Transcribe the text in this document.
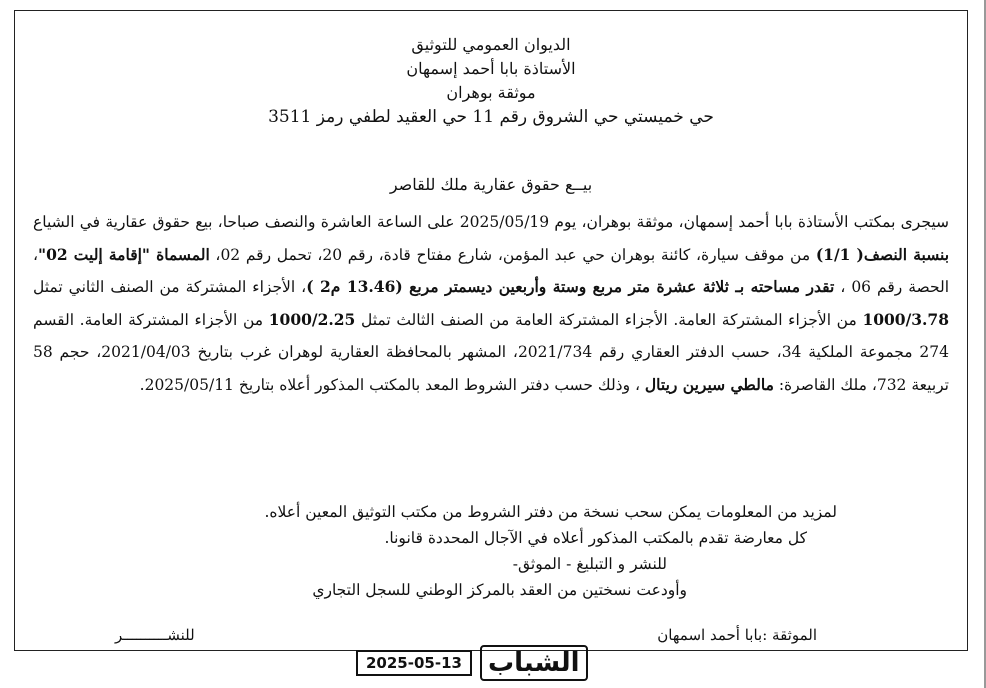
الديوان العمومي للتوثيق
الأستاذة بابا أحمد إسمهان
موثقة بوهران
حي خميستي حي الشروق رقم 11 حي العقيد لطفي رمز 3511
بيــع حقوق عقارية ملك للقاصر
سيجرى بمكتب الأستاذة بابا أحمد إسمهان، موثقة بوهران، يوم 2025/05/19 على الساعة العاشرة والنصف صباحا، بيع حقوق عقارية في الشياع بنسبة النصف( 1/1) من موقف سيارة، كائنة بوهران حي عبد المؤمن، شارع مفتاح قادة، رقم 20، تحمل رقم 02، المسماة "إقامة إليت 02"، الحصة رقم 06 ، تقدر مساحته بـ ثلاثة عشرة متر مربع وستة وأربعين ديسمتر مربع (13.46 م2 )، الأجزاء المشتركة من الصنف الثاني تمثل 1000/3.78 من الأجزاء المشتركة العامة. الأجزاء المشتركة العامة من الصنف الثالث تمثل 1000/2.25 من الأجزاء المشتركة العامة. القسم 274 مجموعة الملكية 34، حسب الدفتر العقاري رقم 2021/734، المشهر بالمحافظة العقارية لوهران غرب بتاريخ 2021/04/03، حجم 58 تربيعة 732، ملك القاصرة: مالطي سيرين ريتال ، وذلك حسب دفتر الشروط المعد بالمكتب المذكور أعلاه بتاريخ 2025/05/11.
لمزيد من المعلومات يمكن سحب نسخة من دفتر الشروط من مكتب التوثيق المعين أعلاه.
كل معارضة تقدم بالمكتب المذكور أعلاه في الآجال المحددة قانونا.
للنشر و التبليغ - الموثق-
وأودعت نسختين من العقد بالمركز الوطني للسجل التجاري
الموثقة :بابا أحمد اسمهان
للنشــــــــــر
2025-05-13	الشباب
